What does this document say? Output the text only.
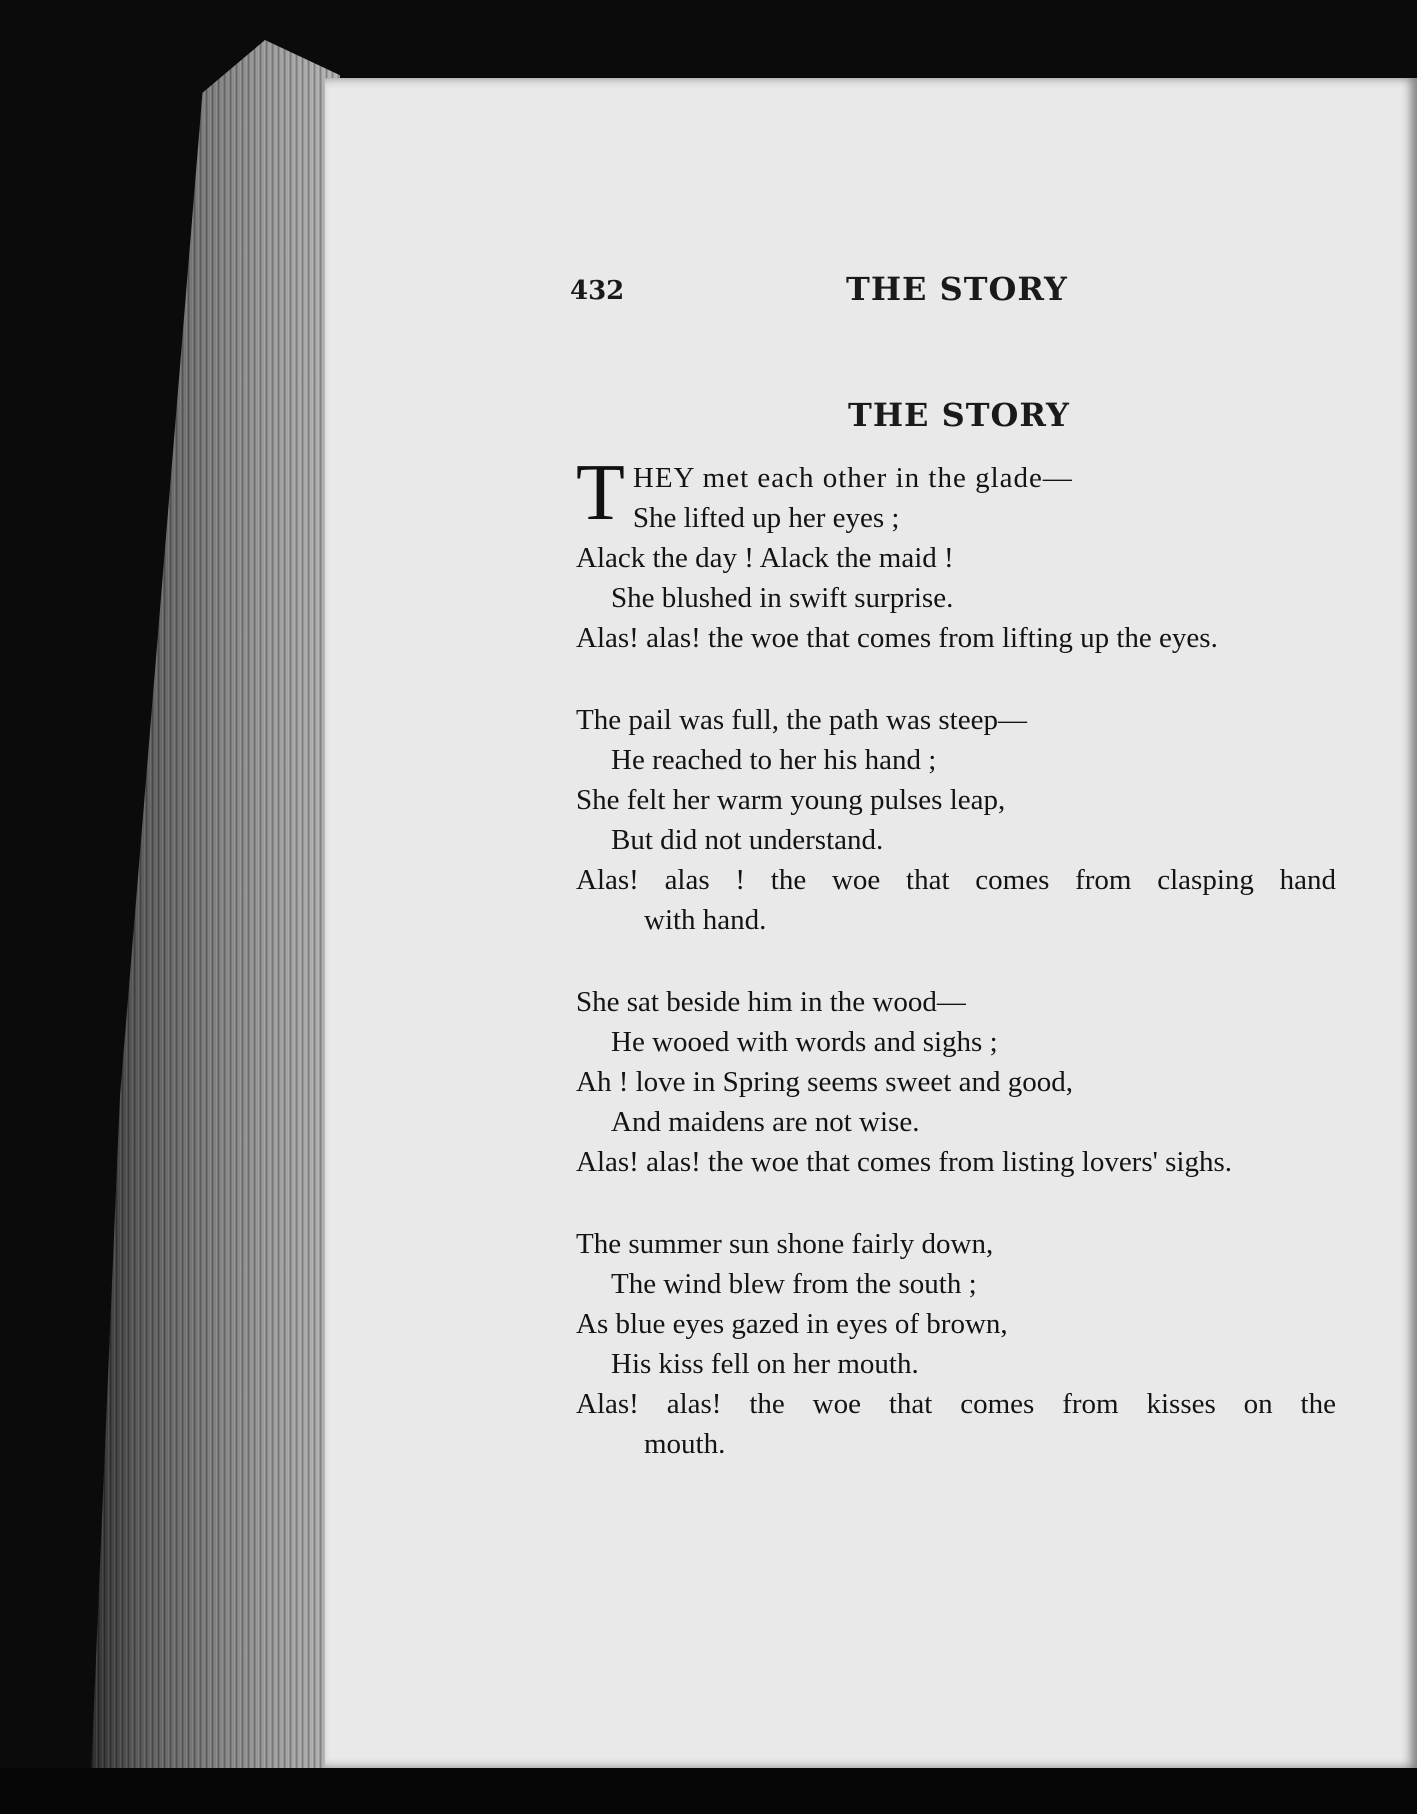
432	THE STORY
THE STORY
T HEY met each other in the glade—
She lifted up her eyes ;
Alack the day ! Alack the maid !
She blushed in swift surprise.
Alas! alas! the woe that comes from lifting up the eyes.
The pail was full, the path was steep—
He reached to her his hand ;
She felt her warm young pulses leap,
But did not understand.
Alas! alas ! the woe that comes from clasping hand
with hand.
She sat beside him in the wood—
He wooed with words and sighs ;
Ah ! love in Spring seems sweet and good,
And maidens are not wise.
Alas! alas! the woe that comes from listing lovers' sighs.
The summer sun shone fairly down,
The wind blew from the south ;
As blue eyes gazed in eyes of brown,
His kiss fell on her mouth.
Alas! alas! the woe that comes from kisses on the
mouth.
